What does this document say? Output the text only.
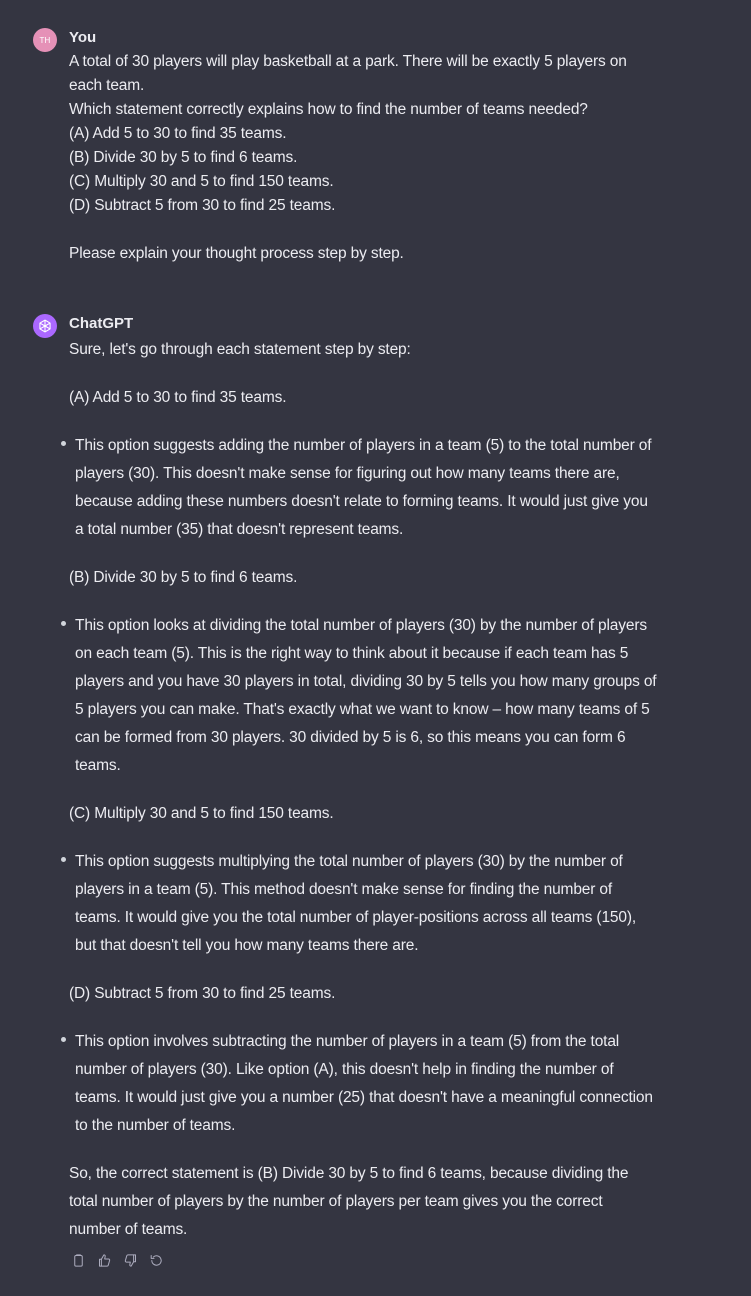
TH You
A total of 30 players will play basketball at a park. There will be exactly 5 players on
each team.
Which statement correctly explains how to find the number of teams needed?
(A) Add 5 to 30 to find 35 teams.
(B) Divide 30 by 5 to find 6 teams.
(C) Multiply 30 and 5 to find 150 teams.
(D) Subtract 5 from 30 to find 25 teams.
Please explain your thought process step by step.
ChatGPT
Sure, let's go through each statement step by step:
(A) Add 5 to 30 to find 35 teams.
This option suggests adding the number of players in a team (5) to the total number of
players (30). This doesn't make sense for figuring out how many teams there are,
because adding these numbers doesn't relate to forming teams. It would just give you
a total number (35) that doesn't represent teams.
(B) Divide 30 by 5 to find 6 teams.
This option looks at dividing the total number of players (30) by the number of players
on each team (5). This is the right way to think about it because if each team has 5
players and you have 30 players in total, dividing 30 by 5 tells you how many groups of
5 players you can make. That's exactly what we want to know – how many teams of 5
can be formed from 30 players. 30 divided by 5 is 6, so this means you can form 6
teams.
(C) Multiply 30 and 5 to find 150 teams.
This option suggests multiplying the total number of players (30) by the number of
players in a team (5). This method doesn't make sense for finding the number of
teams. It would give you the total number of player-positions across all teams (150),
but that doesn't tell you how many teams there are.
(D) Subtract 5 from 30 to find 25 teams.
This option involves subtracting the number of players in a team (5) from the total
number of players (30). Like option (A), this doesn't help in finding the number of
teams. It would just give you a number (25) that doesn't have a meaningful connection
to the number of teams.
So, the correct statement is (B) Divide 30 by 5 to find 6 teams, because dividing the
total number of players by the number of players per team gives you the correct
number of teams.
